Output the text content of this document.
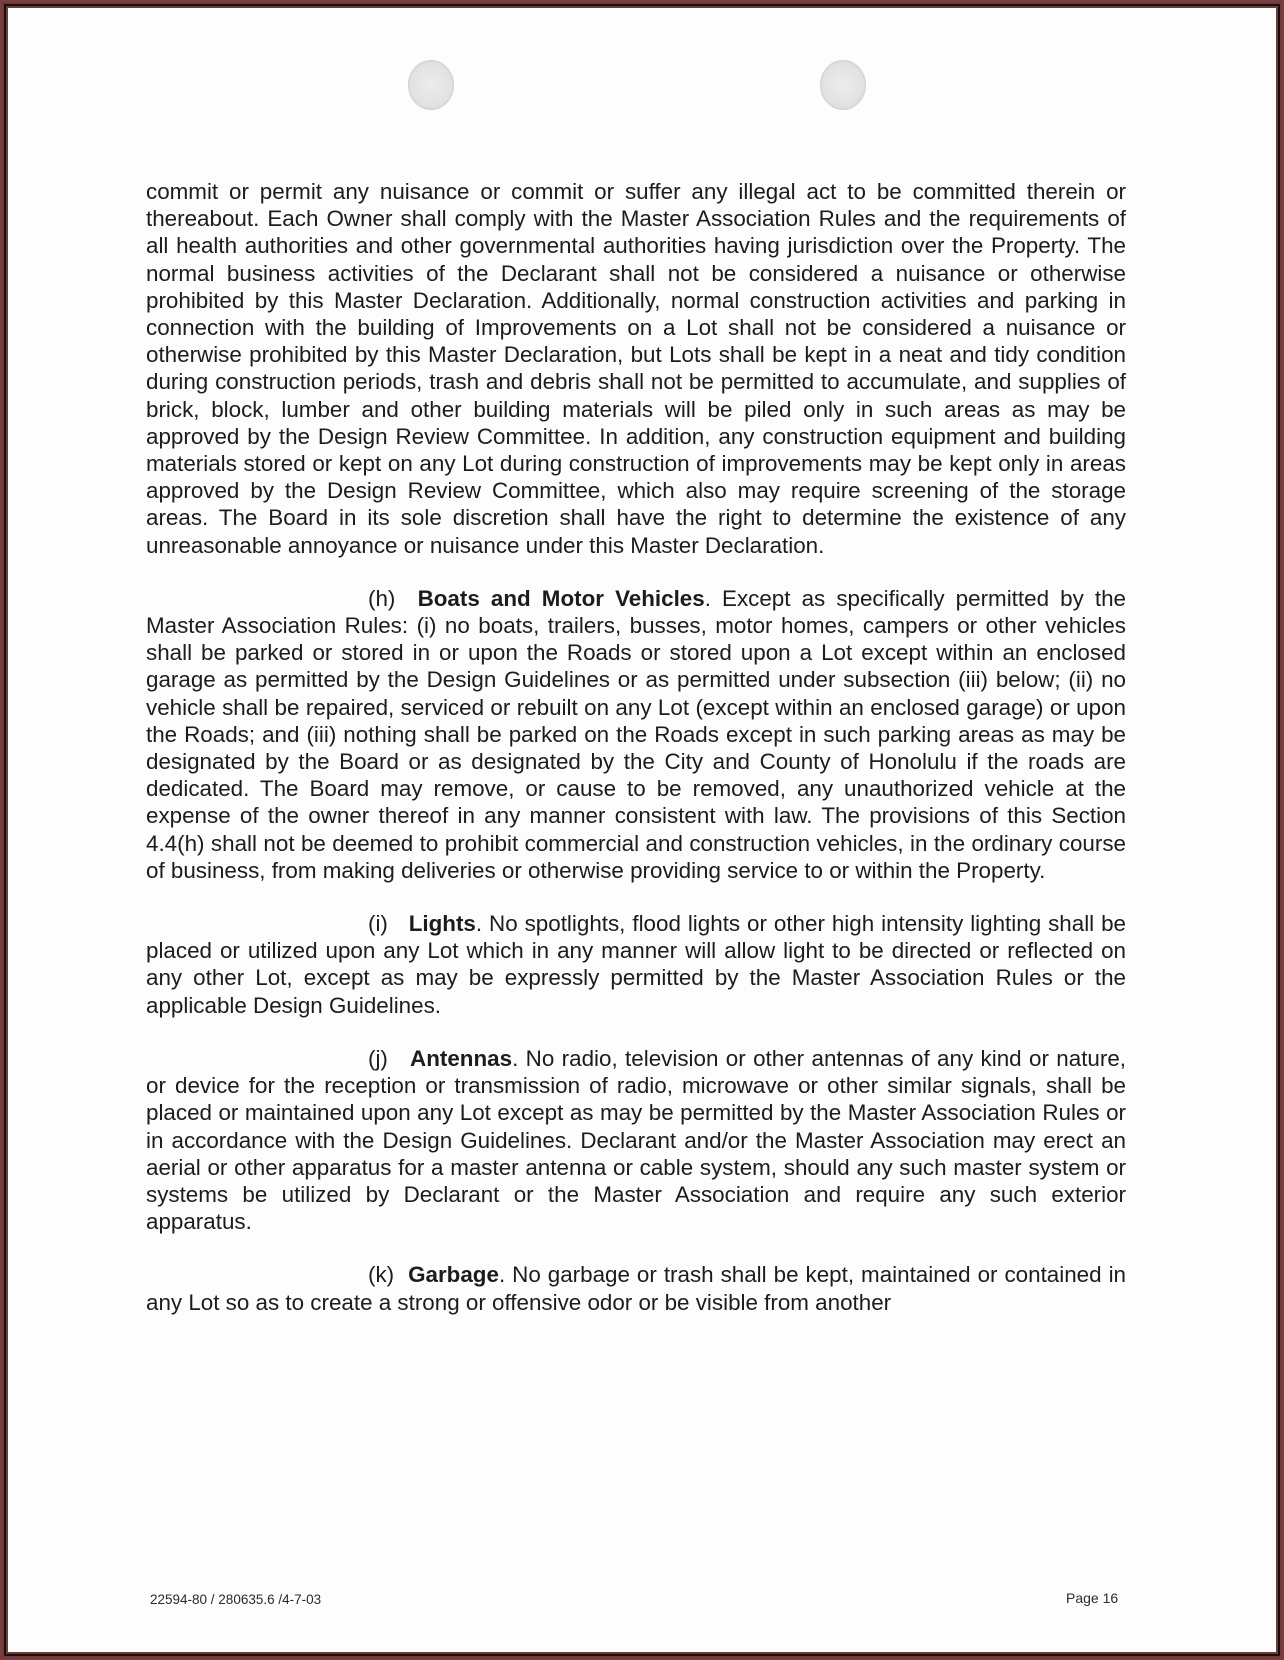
commit or permit any nuisance or commit or suffer any illegal act to be committed therein or thereabout. Each Owner shall comply with the Master Association Rules and the requirements of all health authorities and other governmental authorities having jurisdiction over the Property. The normal business activities of the Declarant shall not be considered a nuisance or otherwise prohibited by this Master Declaration. Additionally, normal construction activities and parking in connection with the building of Improvements on a Lot shall not be considered a nuisance or otherwise prohibited by this Master Declaration, but Lots shall be kept in a neat and tidy condition during construction periods, trash and debris shall not be permitted to accumulate, and supplies of brick, block, lumber and other building materials will be piled only in such areas as may be approved by the Design Review Committee. In addition, any construction equipment and building materials stored or kept on any Lot during construction of improvements may be kept only in areas approved by the Design Review Committee, which also may require screening of the storage areas. The Board in its sole discretion shall have the right to determine the existence of any unreasonable annoyance or nuisance under this Master Declaration.

(h) Boats and Motor Vehicles. Except as specifically permitted by the Master Association Rules: (i) no boats, trailers, busses, motor homes, campers or other vehicles shall be parked or stored in or upon the Roads or stored upon a Lot except within an enclosed garage as permitted by the Design Guidelines or as permitted under subsection (iii) below; (ii) no vehicle shall be repaired, serviced or rebuilt on any Lot (except within an enclosed garage) or upon the Roads; and (iii) nothing shall be parked on the Roads except in such parking areas as may be designated by the Board or as designated by the City and County of Honolulu if the roads are dedicated. The Board may remove, or cause to be removed, any unauthorized vehicle at the expense of the owner thereof in any manner consistent with law. The provisions of this Section 4.4(h) shall not be deemed to prohibit commercial and construction vehicles, in the ordinary course of business, from making deliveries or otherwise providing service to or within the Property.

(i) Lights. No spotlights, flood lights or other high intensity lighting shall be placed or utilized upon any Lot which in any manner will allow light to be directed or reflected on any other Lot, except as may be expressly permitted by the Master Association Rules or the applicable Design Guidelines.

(j) Antennas. No radio, television or other antennas of any kind or nature, or device for the reception or transmission of radio, microwave or other similar signals, shall be placed or maintained upon any Lot except as may be permitted by the Master Association Rules or in accordance with the Design Guidelines. Declarant and/or the Master Association may erect an aerial or other apparatus for a master antenna or cable system, should any such master system or systems be utilized by Declarant or the Master Association and require any such exterior apparatus.

(k) Garbage. No garbage or trash shall be kept, maintained or contained in any Lot so as to create a strong or offensive odor or be visible from another

22594-80 / 280635.6 /4-7-03	Page 16
